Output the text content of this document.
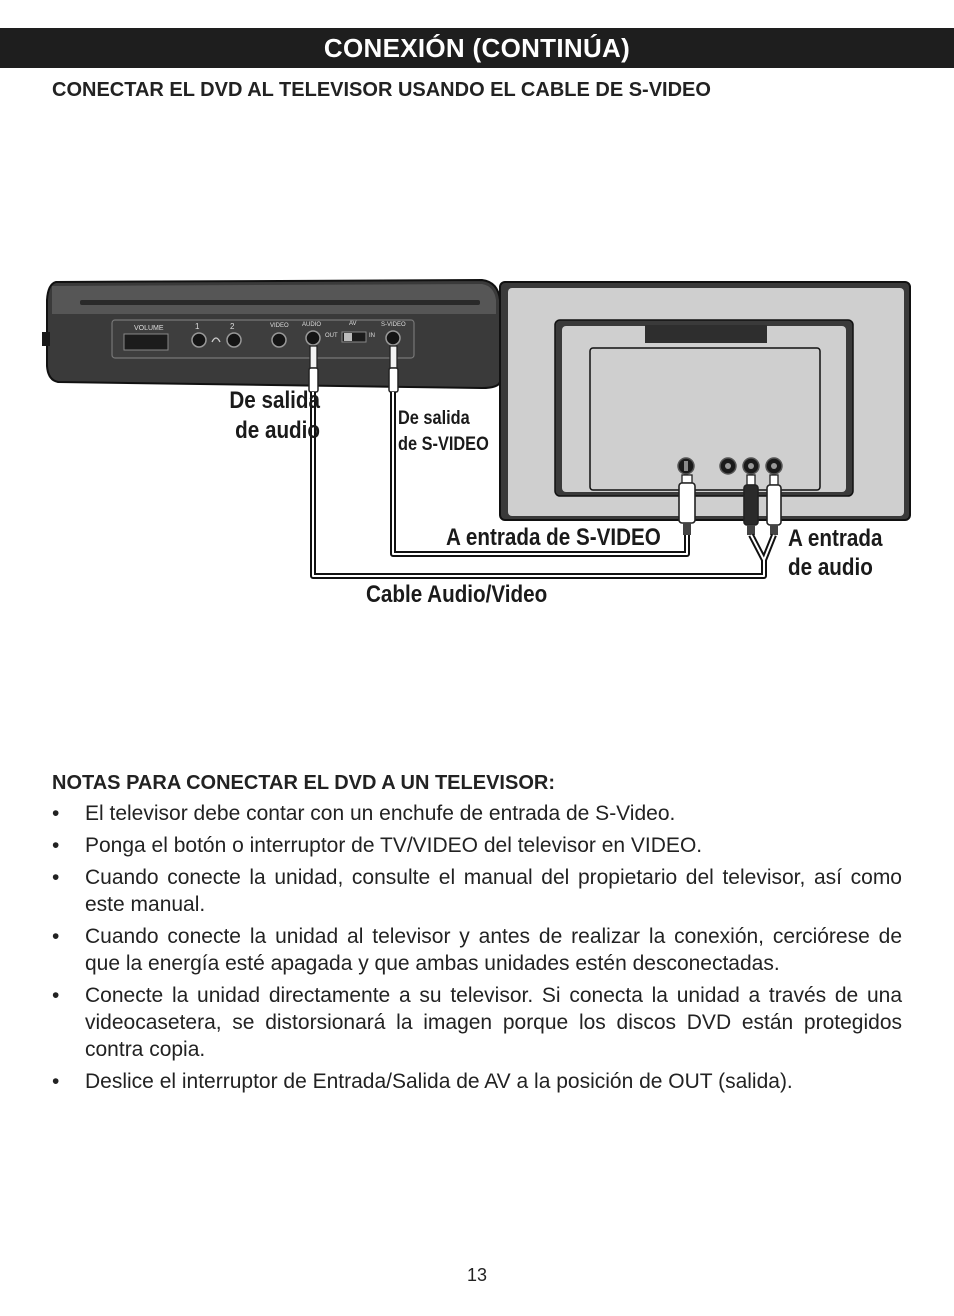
CONEXIÓN (CONTINÚA)
CONECTAR EL DVD AL TELEVISOR USANDO EL CABLE DE S-VIDEO
VOLUME	1	2	VIDEO AUDIO	AV
OUT	IN
S-VIDEO
De salida
de audio	De salida
de S-VIDEO
A entrada de S-VIDEO	A entrada
de audio
Cable Audio/Video
NOTAS PARA CONECTAR EL DVD A UN TELEVISOR:
• El televisor debe contar con un enchufe de entrada de S-Video.
• Ponga el botón o interruptor de TV/VIDEO del televisor en VIDEO.
• Cuando conecte la unidad, consulte el manual del propietario del televisor, así como este manual.
• Cuando conecte la unidad al televisor y antes de realizar la conexión, cerciórese de que la energía esté apagada y que ambas unidades estén desconectadas.
• Conecte la unidad directamente a su televisor. Si conecta la unidad a través de una videocasetera, se distorsionará la imagen porque los discos DVD están protegidos contra copia.
• Deslice el interruptor de Entrada/Salida de AV a la posición de OUT (salida).
13
